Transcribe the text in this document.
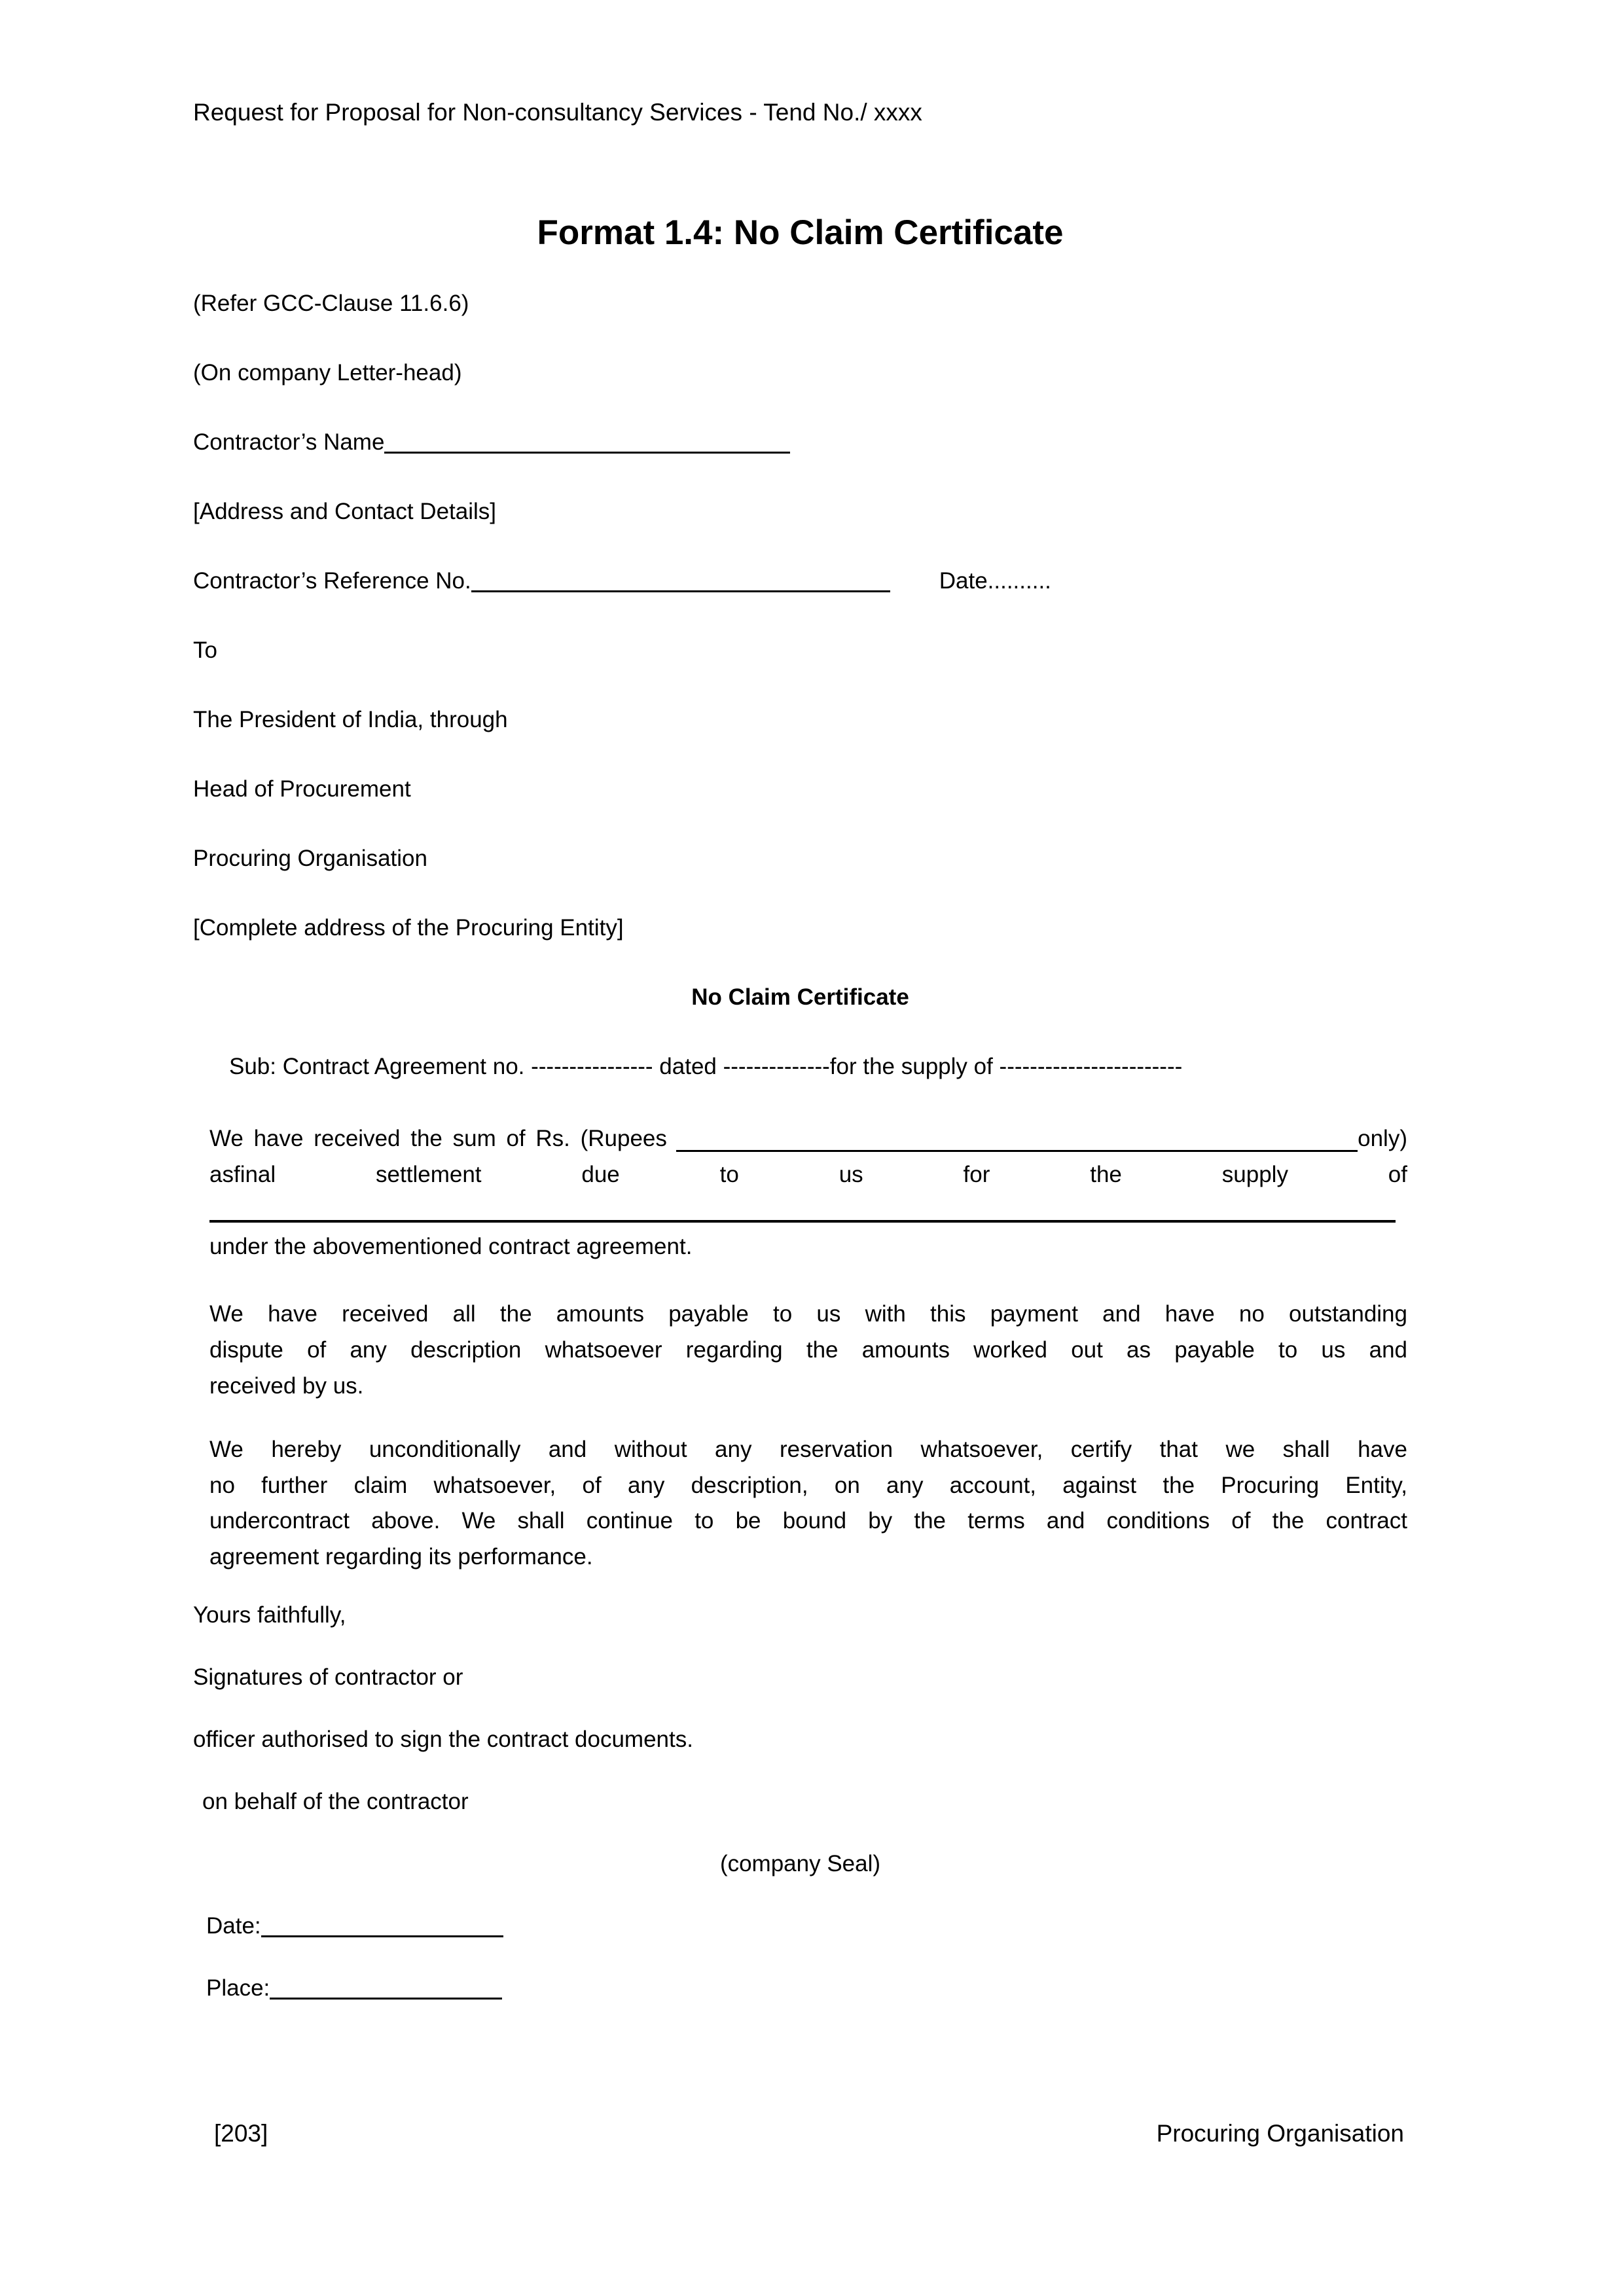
Request for Proposal for Non-consultancy Services - Tend No./ xxxx
Format 1.4: No Claim Certificate
(Refer GCC-Clause 11.6.6)
(On company Letter-head)
Contractor’s Name
[Address and Contact Details]
Contractor’s Reference No.	Date..........
To
The President of India, through
Head of Procurement
Procuring Organisation
[Complete address of the Procuring Entity]
No Claim Certificate
Sub: Contract Agreement no. ---------------- dated --------------for the supply of ------------------------
We have received the sum of Rs. (Rupees	only)
asfinal settlement due to us for the supply of
under the abovementioned contract agreement.
We have received all the amounts payable to us with this payment and have no outstanding
dispute of any description whatsoever regarding the amounts worked out as payable to us and
received by us.
We hereby unconditionally and without any reservation whatsoever, certify that we shall have
no further claim whatsoever, of any description, on any account, against the Procuring Entity,
undercontract above. We shall continue to be bound by the terms and conditions of the contract
agreement regarding its performance.
Yours faithfully,
Signatures of contractor or
officer authorised to sign the contract documents.
on behalf of the contractor
(company Seal)
Date:
Place:
[203]	Procuring Organisation
